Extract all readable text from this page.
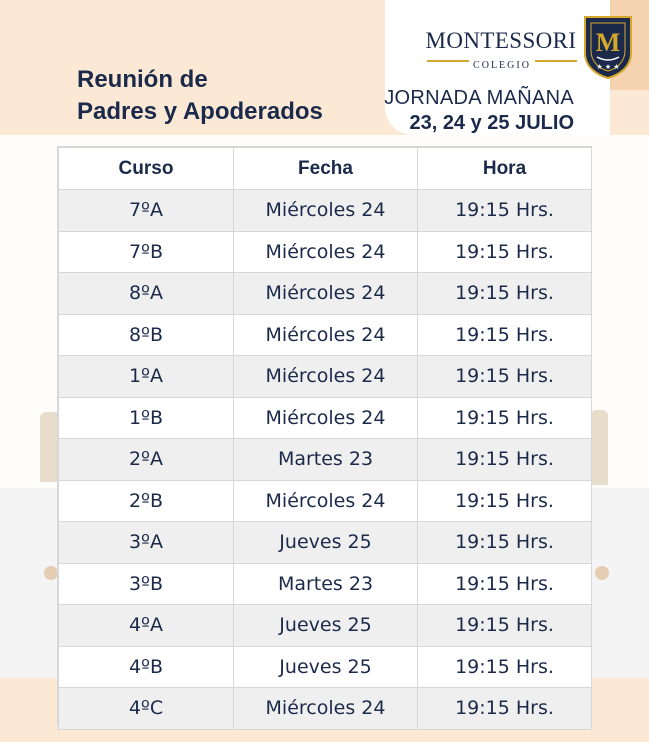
Reunión de
Padres y Apoderados	JORNADA MAÑANA
23, 24 y 25 JULIO
MONTESSORI
COLEGIO
M
★ ★ ★
Curso	Fecha	Hora
7ºA	Miércoles 24	19:15 Hrs.
7ºB	Miércoles 24	19:15 Hrs.
8ºA	Miércoles 24	19:15 Hrs.
8ºB	Miércoles 24	19:15 Hrs.
1ºA	Miércoles 24	19:15 Hrs.
1ºB	Miércoles 24	19:15 Hrs.
2ºA	Martes 23	19:15 Hrs.
2ºB	Miércoles 24	19:15 Hrs.
3ºA	Jueves 25	19:15 Hrs.
3ºB	Martes 23	19:15 Hrs.
4ºA	Jueves 25	19:15 Hrs.
4ºB	Jueves 25	19:15 Hrs.
4ºC	Miércoles 24	19:15 Hrs.
